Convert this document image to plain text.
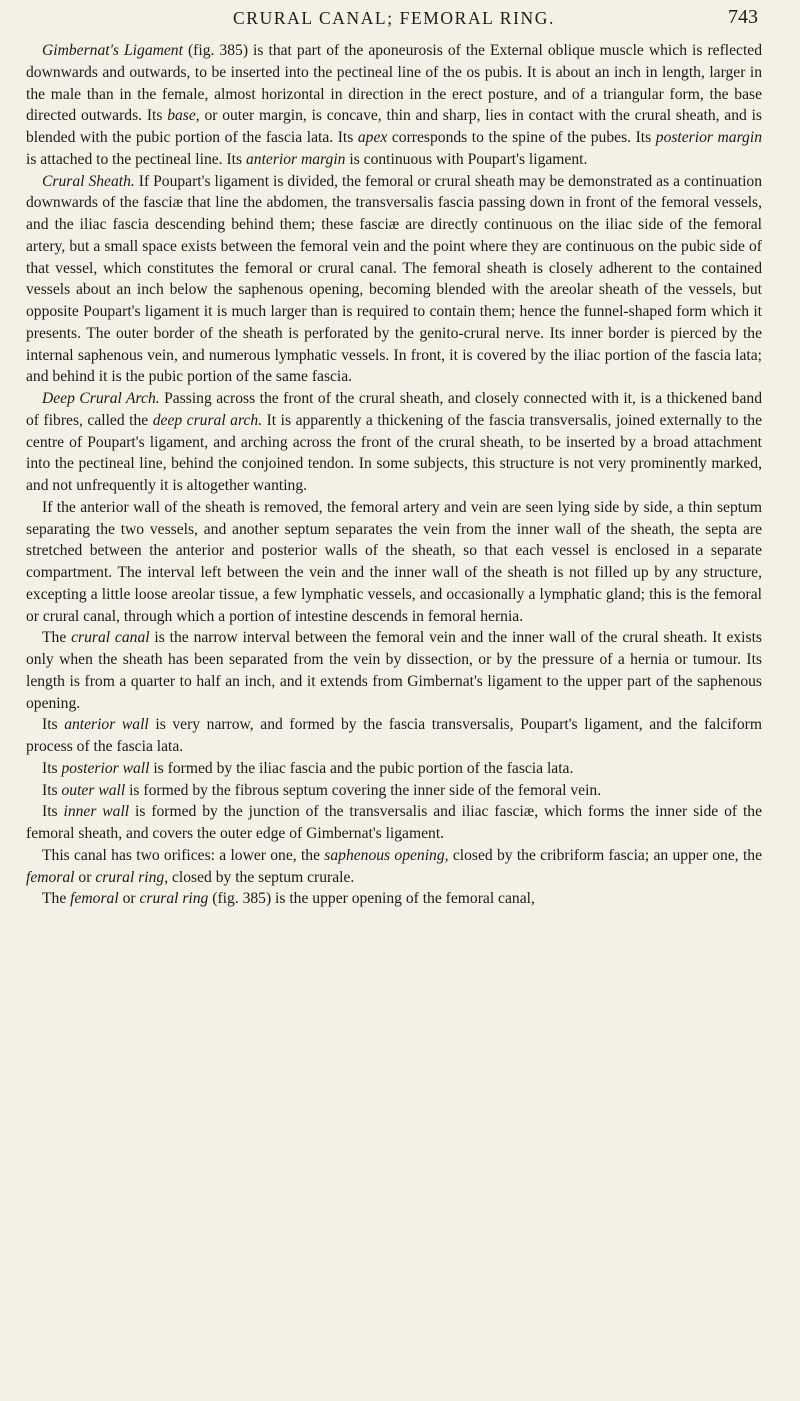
CRURAL CANAL; FEMORAL RING.	743

Gimbernat's Ligament (fig. 385) is that part of the aponeurosis of the External oblique muscle which is reflected downwards and outwards, to be inserted into the pectineal line of the os pubis. It is about an inch in length, larger in the male than in the female, almost horizontal in direction in the erect posture, and of a triangular form, the base directed outwards. Its base, or outer margin, is concave, thin and sharp, lies in contact with the crural sheath, and is blended with the pubic portion of the fascia lata. Its apex corresponds to the spine of the pubes. Its posterior margin is attached to the pectineal line. Its anterior margin is continuous with Poupart's ligament.

Crural Sheath. If Poupart's ligament is divided, the femoral or crural sheath may be demonstrated as a continuation downwards of the fasciæ that line the abdomen, the transversalis fascia passing down in front of the femoral vessels, and the iliac fascia descending behind them; these fasciæ are directly continuous on the iliac side of the femoral artery, but a small space exists between the femoral vein and the point where they are continuous on the pubic side of that vessel, which constitutes the femoral or crural canal. The femoral sheath is closely adherent to the contained vessels about an inch below the saphenous opening, becoming blended with the areolar sheath of the vessels, but opposite Poupart's ligament it is much larger than is required to contain them; hence the funnel-shaped form which it presents. The outer border of the sheath is perforated by the genito-crural nerve. Its inner border is pierced by the internal saphenous vein, and numerous lymphatic vessels. In front, it is covered by the iliac portion of the fascia lata; and behind it is the pubic portion of the same fascia.

Deep Crural Arch. Passing across the front of the crural sheath, and closely connected with it, is a thickened band of fibres, called the deep crural arch. It is apparently a thickening of the fascia transversalis, joined externally to the centre of Poupart's ligament, and arching across the front of the crural sheath, to be inserted by a broad attachment into the pectineal line, behind the conjoined tendon. In some subjects, this structure is not very prominently marked, and not unfrequently it is altogether wanting.

If the anterior wall of the sheath is removed, the femoral artery and vein are seen lying side by side, a thin septum separating the two vessels, and another septum separates the vein from the inner wall of the sheath, the septa are stretched between the anterior and posterior walls of the sheath, so that each vessel is enclosed in a separate compartment. The interval left between the vein and the inner wall of the sheath is not filled up by any structure, excepting a little loose areolar tissue, a few lymphatic vessels, and occasionally a lymphatic gland; this is the femoral or crural canal, through which a portion of intestine descends in femoral hernia.

The crural canal is the narrow interval between the femoral vein and the inner wall of the crural sheath. It exists only when the sheath has been separated from the vein by dissection, or by the pressure of a hernia or tumour. Its length is from a quarter to half an inch, and it extends from Gimbernat's ligament to the upper part of the saphenous opening.

Its anterior wall is very narrow, and formed by the fascia transversalis, Poupart's ligament, and the falciform process of the fascia lata.

Its posterior wall is formed by the iliac fascia and the pubic portion of the fascia lata.

Its outer wall is formed by the fibrous septum covering the inner side of the femoral vein.

Its inner wall is formed by the junction of the transversalis and iliac fasciæ, which forms the inner side of the femoral sheath, and covers the outer edge of Gimbernat's ligament.

This canal has two orifices: a lower one, the saphenous opening, closed by the cribriform fascia; an upper one, the femoral or crural ring, closed by the septum crurale.

The femoral or crural ring (fig. 385) is the upper opening of the femoral canal,
